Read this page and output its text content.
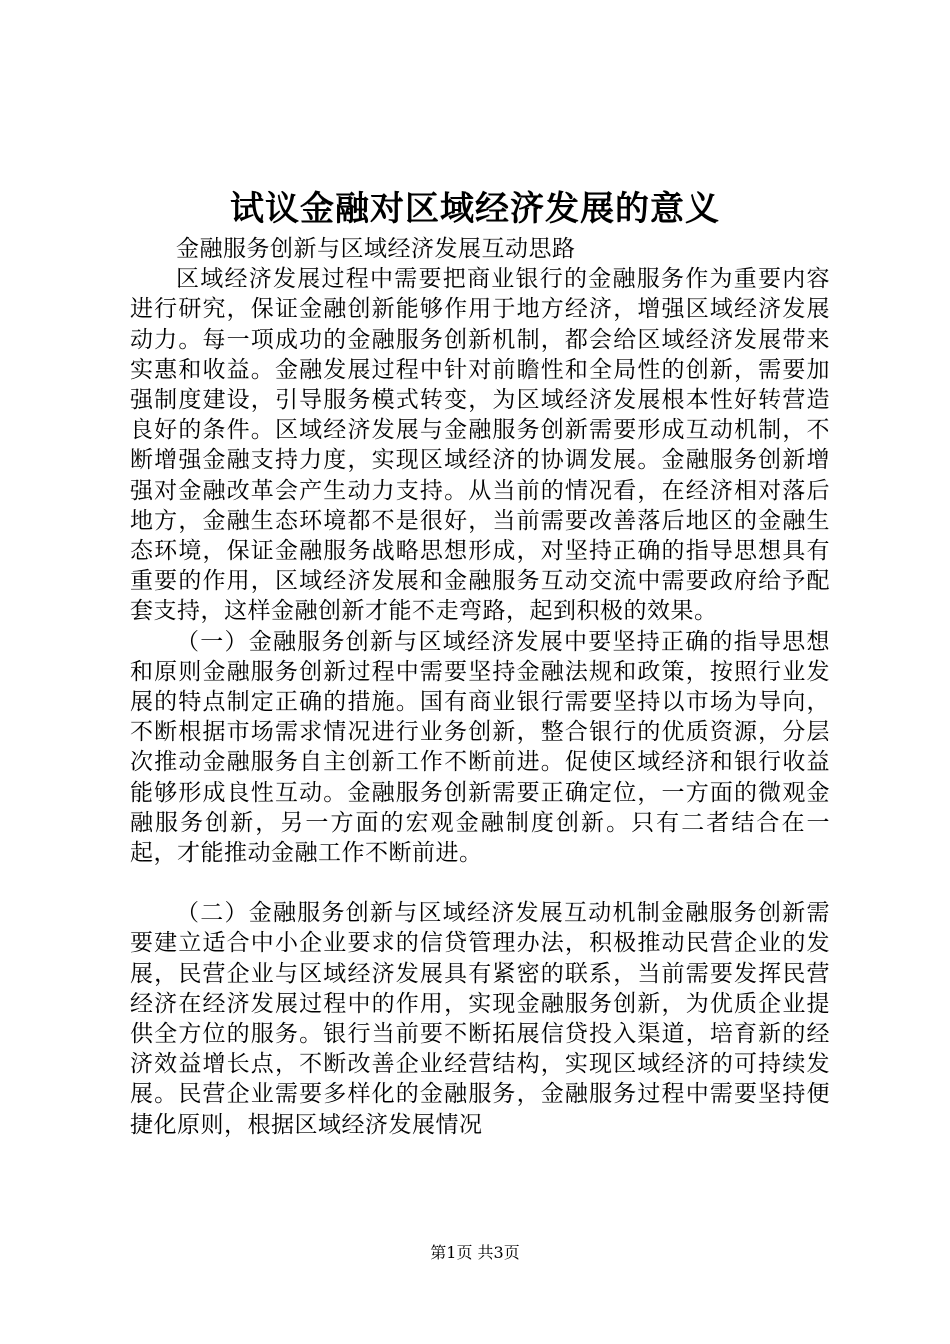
试议金融对区域经济发展的意义

金融服务创新与区域经济发展互动思路

区域经济发展过程中需要把商业银行的金融服务作为重要内容进行研究，保证金融创新能够作用于地方经济，增强区域经济发展动力。每一项成功的金融服务创新机制，都会给区域经济发展带来实惠和收益。金融发展过程中针对前瞻性和全局性的创新，需要加强制度建设，引导服务模式转变，为区域经济发展根本性好转营造良好的条件。区域经济发展与金融服务创新需要形成互动机制，不断增强金融支持力度，实现区域经济的协调发展。金融服务创新增强对金融改革会产生动力支持。从当前的情况看，在经济相对落后地方，金融生态环境都不是很好，当前需要改善落后地区的金融生态环境，保证金融服务战略思想形成，对坚持正确的指导思想具有重要的作用，区域经济发展和金融服务互动交流中需要政府给予配套支持，这样金融创新才能不走弯路，起到积极的效果。

（一）金融服务创新与区域经济发展中要坚持正确的指导思想和原则金融服务创新过程中需要坚持金融法规和政策，按照行业发展的特点制定正确的措施。国有商业银行需要坚持以市场为导向，不断根据市场需求情况进行业务创新，整合银行的优质资源，分层次推动金融服务自主创新工作不断前进。促使区域经济和银行收益能够形成良性互动。金融服务创新需要正确定位，一方面的微观金融服务创新，另一方面的宏观金融制度创新。只有二者结合在一起，才能推动金融工作不断前进。

（二）金融服务创新与区域经济发展互动机制金融服务创新需要建立适合中小企业要求的信贷管理办法，积极推动民营企业的发展，民营企业与区域经济发展具有紧密的联系，当前需要发挥民营经济在经济发展过程中的作用，实现金融服务创新，为优质企业提供全方位的服务。银行当前要不断拓展信贷投入渠道，培育新的经济效益增长点，不断改善企业经营结构，实现区域经济的可持续发展。民营企业需要多样化的金融服务，金融服务过程中需要坚持便捷化原则，根据区域经济发展情况

第1页 共3页
